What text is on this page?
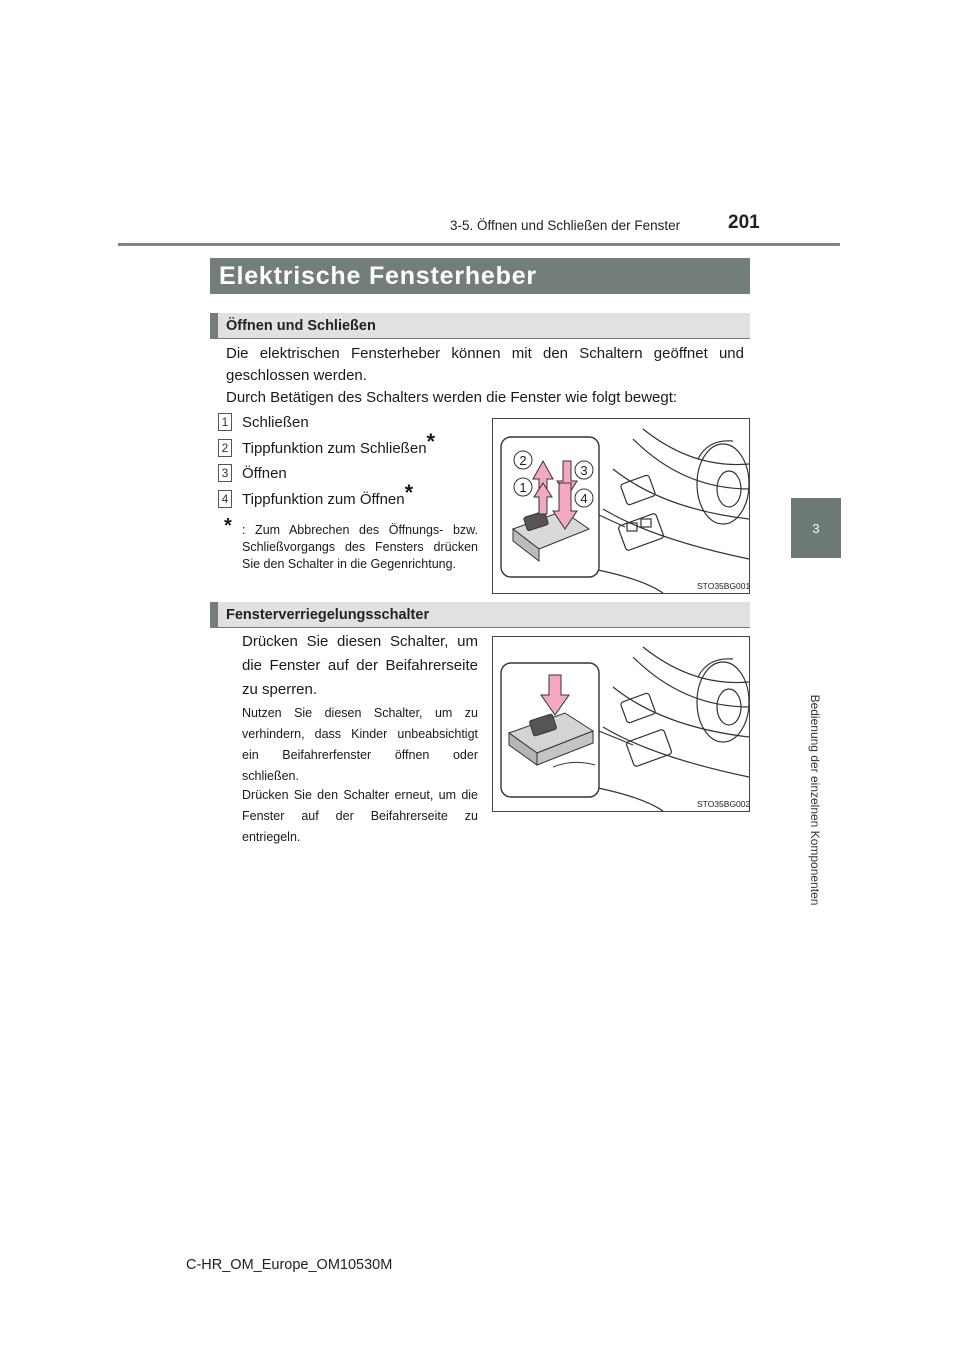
3-5. Öffnen und Schließen der Fenster	201
3
Bedienung der einzelnen Komponenten
Elektrische Fensterheber
Öffnen und Schließen
Die elektrischen Fensterheber können mit den Schaltern geöffnet und geschlossen werden.
Durch Betätigen des Schalters werden die Fenster wie folgt bewegt:
1 Schließen
2 Tippfunktion zum Schließen *
3 Öffnen
4 Tippfunktion zum Öffnen *
* : Zum Abbrechen des Öffnungs- bzw. Schließvorgangs des Fensters drücken Sie den Schalter in die Gegenrichtung.
2
3
1
4
STO35BG001
Fensterverriegelungsschalter
Drücken Sie diesen Schalter, um die Fenster auf der Beifahrerseite zu sperren.
Nutzen Sie diesen Schalter, um zu verhindern, dass Kinder unbeabsichtigt ein Beifahrerfenster öffnen oder schließen.
Drücken Sie den Schalter erneut, um die Fenster auf der Beifahrerseite zu entriegeln.
STO35BG002
C-HR_OM_Europe_OM10530M
